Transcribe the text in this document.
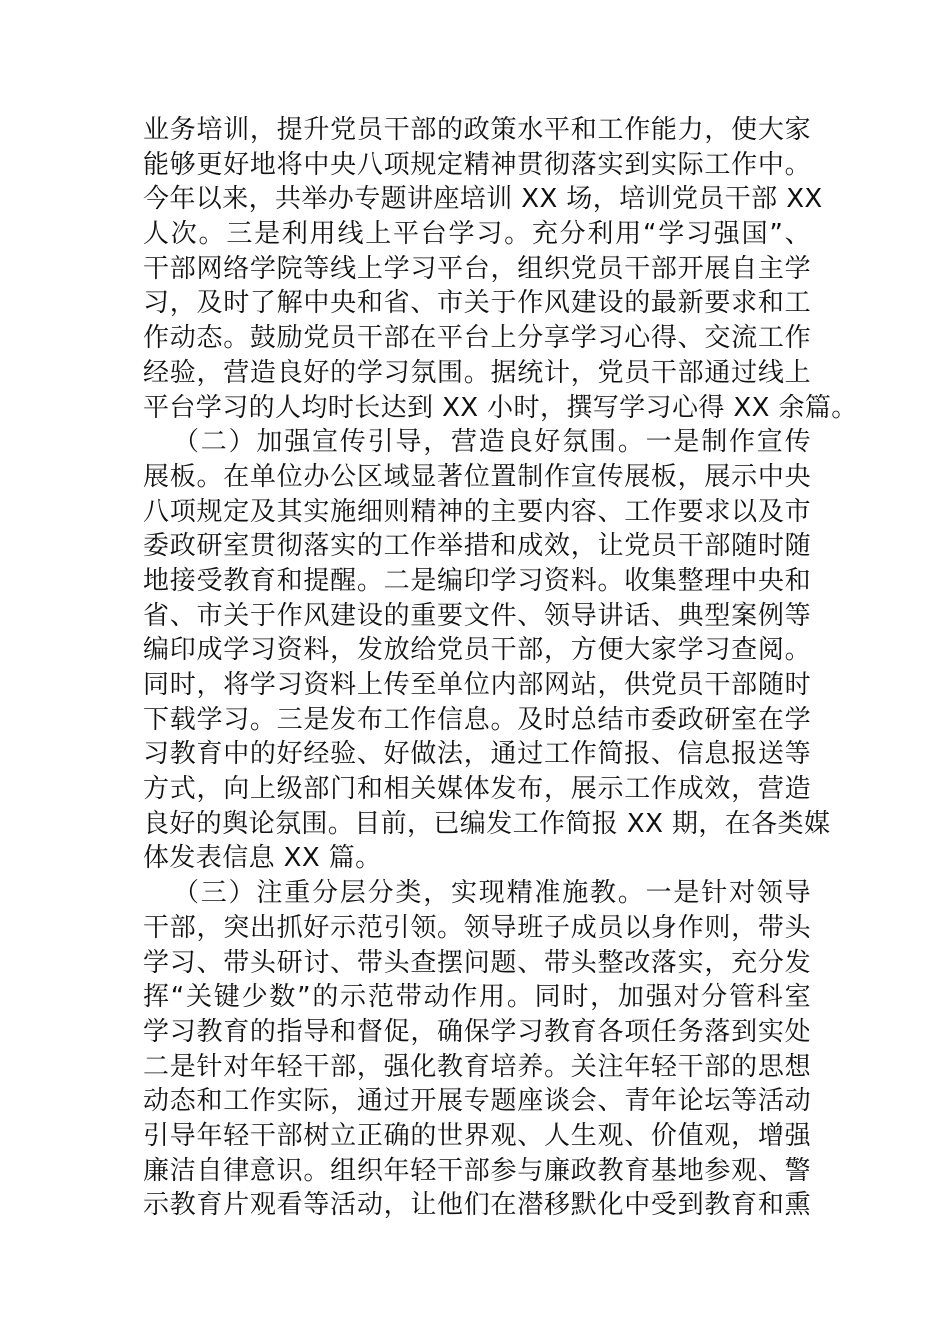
业务培训，提升党员干部的政策水平和工作能力，使大家
能够更好地将中央八项规定精神贯彻落实到实际工作中。
今年以来，共举办专题讲座培训 XX 场，培训党员干部 XX
人次。三是利用线上平台学习。充分利用“学习强国”、
干部网络学院等线上学习平台，组织党员干部开展自主学
习，及时了解中央和省、市关于作风建设的最新要求和工
作动态。鼓励党员干部在平台上分享学习心得、交流工作
经验，营造良好的学习氛围。据统计，党员干部通过线上
平台学习的人均时长达到 XX 小时，撰写学习心得 XX 余篇。
（二）加强宣传引导，营造良好氛围。一是制作宣传
展板。在单位办公区域显著位置制作宣传展板，展示中央
八项规定及其实施细则精神的主要内容、工作要求以及市
委政研室贯彻落实的工作举措和成效，让党员干部随时随
地接受教育和提醒。二是编印学习资料。收集整理中央和
省、市关于作风建设的重要文件、领导讲话、典型案例等
编印成学习资料，发放给党员干部，方便大家学习查阅。
同时，将学习资料上传至单位内部网站，供党员干部随时
下载学习。三是发布工作信息。及时总结市委政研室在学
习教育中的好经验、好做法，通过工作简报、信息报送等
方式，向上级部门和相关媒体发布，展示工作成效，营造
良好的舆论氛围。目前，已编发工作简报 XX 期，在各类媒
体发表信息 XX 篇。
（三）注重分层分类，实现精准施教。一是针对领导
干部，突出抓好示范引领。领导班子成员以身作则，带头
学习、带头研讨、带头查摆问题、带头整改落实，充分发
挥“关键少数”的示范带动作用。同时，加强对分管科室
学习教育的指导和督促，确保学习教育各项任务落到实处
二是针对年轻干部，强化教育培养。关注年轻干部的思想
动态和工作实际，通过开展专题座谈会、青年论坛等活动
引导年轻干部树立正确的世界观、人生观、价值观，增强
廉洁自律意识。组织年轻干部参与廉政教育基地参观、警
示教育片观看等活动，让他们在潜移默化中受到教育和熏
